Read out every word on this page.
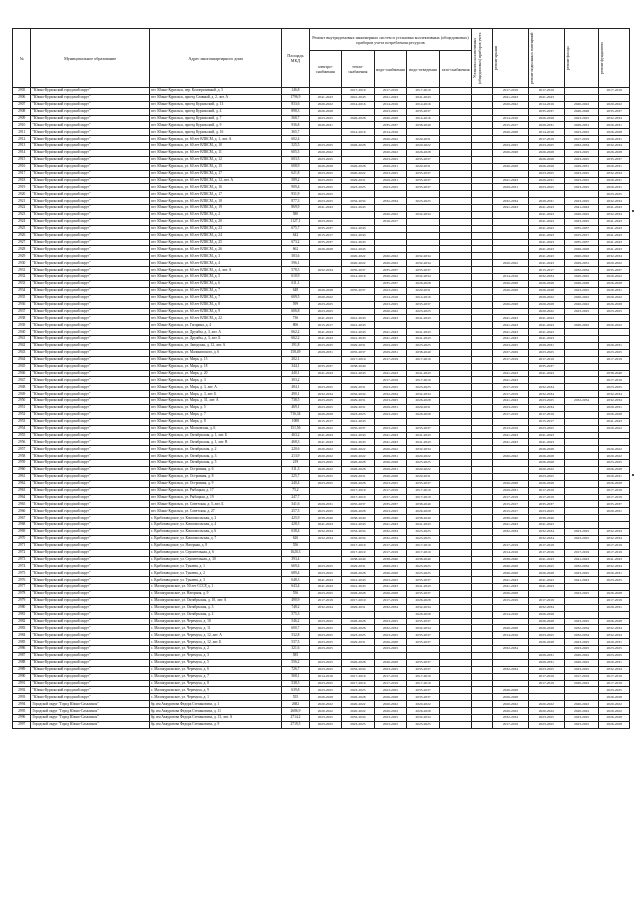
№	Муниципальное образование	Адрес многоквартирного дома	Площадь МКД	Ремонт внутридомовых инженерных систем и установка коллективных (общедомовых) приборов учета потребления ресурсов					Установка коллективных (общедомовых) приборов учета	ремонт крыши	ремонт подвальных помещений	ремонт фасада	ремонт фундамента

				электро-снабжения	тепло-снабжения	водо-снабжения	водо-отведения	газо-снабжения					
2905	"Южно-Курильский городской округ"	пгт. Южно-Курильск, пер. Кооперативный, д. 5	146,8		2017-2019	2017-2019	2017-2019			2017-2019	2017-2019		2017-2019
2906	"Южно-Курильский городской округ"	пгт. Южно-Курильск, проезд Славный, д. 2, лит. А	1796,9	2041-2043	2041-2043	2041-2043	2041-2043			2041-2043	2041-2043		
2907	"Южно-Курильский городской округ"	пгт. Южно-Курильск, проезд Курильский, д. 13	833,6	2020-2022	2014-2016	2014-2016	2014-2016			2020-2022	2014-2016	2020-2022	2020-2022
2908	"Южно-Курильский городской округ"	пгт. Южно-Курильск, проезд Курильский, д. 4	898,3	2026-2028		2023-2025	2035-2037				2035-2037	2026-2028	2035-2037
2909	"Южно-Курильский городской округ"	пгт. Южно-Курильск, проезд Курильский, д. 7	568,7	2023-2025	2026-2028	2026-2028	2014-2016			2014-2016	2026-2028	2023-2025	2032-2034
2910	"Южно-Курильский городской округ"	пгт. Южно-Курильск, проезд Курильский, д. 9	936,8	2026-2031		2035-2037	2038-2040			2015-2017	2029-2031	2029-2031	2029-2031
2911	"Южно-Курильский городской округ"	пгт. Южно-Курильск, проезд Курильский, д. 16	365,7		2014-2016	2014-2016				2026-2028	2014-2016	2023-2025	2026-2028
2912	"Южно-Курильский городской округ"	пгт. Южно-Курильск, ул. 60 лет ВЛКСМ, д. 1, лит. А	602,4			2020-2022	2029-2031				2017-2019	2017-2019	2029-2031
2913	"Южно-Курильский городской округ"	пгт. Южно-Курильск, ул. 60 лет ВЛКСМ, д. 10	525,5	2023-2025	2026-2028	2023-2025	2020-2022			2023-2025	2023-2025	2032-2034	2032-2034
2914	"Южно-Курильский городской округ"	пгт. Южно-Курильск, ул. 60 лет ВЛКСМ, д. 11	605,5	2020-2022		2020-2022	2026-2028			2026-2028	2026-2028	2023-2025	2026-2028
2915	"Южно-Курильский городской округ"	пгт. Южно-Курильск, ул. 60 лет ВЛКСМ, д. 12	603,5	2023-2025		2023-2025	2035-2037				2026-2028	2023-2025	2035-2037
2916	"Южно-Курильский городской округ"	пгт. Южно-Курильск, ул. 60 лет ВЛКСМ, д. 15	608,9	2026-2028	2026-2028	2029-2031	2029-2031			2026-2028	2026-2028	2029-2031	2029-2031
2917	"Южно-Курильский городской округ"	пгт. Южно-Курильск, ул. 60 лет ВЛКСМ, д. 17	621,8	2023-2025	2020-2022	2023-2025	2035-2037				2023-2025	2023-2025	2032-2034
2918	"Южно-Курильский городской округ"	пгт. Южно-Курильск, ул. 60 лет ВЛКСМ, д. 12, лит. А	589,2	2023-2025	2029-2031	2029-2031	2035-2037			2041-2043	2029-2031	2023-2025	2029-2031
2919	"Южно-Курильский городской округ"	пгт. Южно-Курильск, ул. 60 лет ВЛКСМ, д. 16	909,4	2023-2025	2023-2025	2023-2025	2035-2037			2029-2031	2023-2025	2023-2025	2029-2031
2920	"Южно-Курильский городской округ"	пгт. Южно-Курильск, ул. 60 лет ВЛКСМ, д. 17	931,9	2023-2025									2023-2025
2921	"Южно-Курильский городской округ"	пгт. Южно-Курильск, ул. 60 лет ВЛКСМ, д. 18	877,3	2023-2025	2032-2034	2032-2034	2023-2025			2032-2034	2029-2031	2023-2025	2032-2034
2922	"Южно-Курильский городской округ"	пгт. Южно-Курильск, ул. 60 лет ВЛКСМ, д. 19	869,9	2041-2043	2041-2043					2041-2043	2041-2043	2041-2043	2041-2043
2923	"Южно-Курильский городской округ"	пгт. Южно-Курильск, ул. 60 лет ВЛКСМ, д. 2	580			2020-2022	2032-2034				2041-2043	2020-2022	2032-2034
2924	"Южно-Курильский городской округ"	пгт. Южно-Курильск, ул. 60 лет ВЛКСМ, д. 20	1127,1	2023-2025		2016-2017					2041-2043	2023-2025	2041-2043
2925	"Южно-Курильский городской округ"	пгт. Южно-Курильск, ул. 60 лет ВЛКСМ, д. 23	675,7	2035-2037	2041-2043						2041-2043	2035-2037	2041-2043
2926	"Южно-Курильский городской округ"	пгт. Южно-Курильск, ул. 60 лет ВЛКСМ, д. 24	642	2015-2017	2041-2043						2041-2043	2015-2017	2041-2043
2927	"Южно-Курильский городской округ"	пгт. Южно-Курильск, ул. 60 лет ВЛКСМ, д. 25	673,2	2035-2037	2041-2043						2041-2043	2035-2037	2041-2043
2928	"Южно-Курильский городской округ"	пгт. Южно-Курильск, ул. 60 лет ВЛКСМ, д. 26	662	2026-2028	2041-2043						2041-2043	2026-2028	2041-2043
2929	"Южно-Курильский городской округ"	пгт. Южно-Курильск, ул. 60 лет ВЛКСМ, д. 3	583,6		2020-2022	2020-2022	2032-2034				2041-2043	2020-2022	2032-2034
2930	"Южно-Курильский городской округ"	пгт. Южно-Курильск, ул. 60 лет ВЛКСМ, д. 4	596,1		2020-2022	2020-2022	2032-2034			2020-2022	2041-2043	2029-2031	2020-2022
2931	"Южно-Курильский городской округ"	пгт. Южно-Курильск, ул. 60 лет ВЛКСМ, д. 4, лит. А	578,5	2032-2034	2035-2037	2035-2037	2035-2037				2015-2017	2032-2034	2035-2037
2932	"Южно-Курильский городской округ"	пгт. Южно-Курильск, ул. 60 лет ВЛКСМ, д. 5	610,9		2014-2016	2020-2022	2032-2034			2014-2016	2032-2034	2020-2022	2020-2022
2933	"Южно-Курильский городской округ"	пгт. Южно-Курильск, ул. 60 лет ВЛКСМ, д. 6	611,1			2035-2037	2026-2028			2026-2028	2026-2028	2026-2028	2026-2028
2934	"Южно-Курильский городской округ"	пгт. Южно-Курильск, ул. 60 лет ВЛКСМ, д. 7	648	2026-2028	2035-2037	2023-2025	2029-2031			2026-2028	2026-2028	2023-2025	2029-2031
2935	"Южно-Курильский городской округ"	пгт. Южно-Курильск, ул. 60 лет ВЛКСМ, д. 7	609,5	2020-2022		2014-2016	2014-2016				2020-2022	2020-2022	2020-2022
2936	"Южно-Курильский городской округ"	пгт. Южно-Курильск, ул. 60 лет ВЛКСМ, д. 8	599	2023-2025		2023-2025	2035-2037			2026-2028	2026-2028	2020-2022	2026-2028
2937	"Южно-Курильский городской округ"	пгт. Южно-Курильск, ул. 60 лет ВЛКСМ, д. 9	606,8	2023-2025		2020-2022	2023-2025				2020-2022	2023-2025	2023-2025
2938	"Южно-Курильский городской округ"	пгт. Южно-Курильск, ул. 60 лет ВЛКСМ, д. 22	736	2041-2043	2041-2043	2041-2043	2041-2043			2041-2043	2041-2043		
2939	"Южно-Курильский городской округ"	пгт. Южно-Курильск, ул. Гагарина, д. 4	806	2015-2017	2041-2043					2041-2043	2041-2043	2020-2022	2020-2022
2940	"Южно-Курильский городской округ"	пгт. Южно-Курильск, ул. Дружбы, д. 3, лит. А	662,2	2041-2043	2041-2043	2041-2043	2041-2043			2041-2043	2041-2043		
2941	"Южно-Курильский городской округ"	пгт. Южно-Курильск, ул. Дружбы, д. 3, лит. Б	662,2	2041-2043	2041-2043	2041-2043	2041-2043			2041-2043	2041-2043		
2942	"Южно-Курильский городской округ"	пгт. Южно-Курильск, ул. Заводская, д. 12, лит. А	191,8	2023-2025	2029-2031	2023-2025	2023-2025			2023-2025	2029-2031		2029-2031
2943	"Южно-Курильский городской округ"	пгт. Южно-Курильск, ул. Малиновского, д. 6	158,49	2029-2031	2035-2037	2029-2031	2038-2040			2027-2029	2023-2025		2023-2025
2944	"Южно-Курильский городской округ"	пгт. Южно-Курильск, ул. Мира, д. 15	202,1		2017-2019	2017-2019	2017-2019			2017-2019	2017-2019		2017-2019
2945	"Южно-Курильский городской округ"	пгт. Южно-Курильск, ул. Мира, д. 18	344,1	2035-2037	2038-2040						2035-2037		
2946	"Южно-Курильский городской округ"	пгт. Южно-Курильск, ул. Мира, д. 20	440,1	2041-2043	2041-2043	2041-2043	2041-2043			2041-2043	2041-2043		2038-2040
2947	"Южно-Курильский городской округ"	пгт. Южно-Курильск, ул. Мира, д. 3	303,2			2017-2019	2017-2019			2041-2043			2017-2019
2948	"Южно-Курильский городской округ"	пгт. Южно-Курильск, ул. Мира, д. 3, лит. А	484,1	2023-2025	2029-2031	2023-2025	2023-2025			2017-2019	2032-2034		2023-2025
2949	"Южно-Курильский городской округ"	пгт. Южно-Курильск, ул. Мира, д. 3, лит. Б	490,1	2032-2034	2032-2034	2032-2034	2032-2034			2017-2019	2032-2034		2032-2034
2950	"Южно-Курильский городской округ"	пгт. Южно-Курильск, ул. Мира, д. 31, лит. А	738,5	2023-2025	2029-2031	2023-2025	2026-2028			2041-2043	2023-2025	2032-2034	2032-2034
2951	"Южно-Курильский городской округ"	пгт. Южно-Курильск, ул. Мира, д. 5	469,1	2023-2025	2029-2031	2029-2031	2029-2031			2023-2025	2032-2034		2029-2031
2952	"Южно-Курильский городской округ"	пгт. Южно-Курильск, ул. Мира, д. 7	716,34	2026-2028	2023-2025	2023-2025	2026-2028			2017-2019	2017-2019		2026-2028
2953	"Южно-Курильский городской округ"	пгт. Южно-Курильск, ул. Мира, д. 8	1008	2015-2017	2041-2043						2015-2017		2041-2043
2954	"Южно-Курильский городской округ"	пгт. Южно-Курильск, ул. Московская, д. 6	151,56	2020-2022	2035-2037	2023-2025	2035-2037			2013-2019	2023-2025		2020-2022
2955	"Южно-Курильский городской округ"	пгт. Южно-Курильск, ул. Октябрьская, д. 1, лит. Б	463,2	2041-2043	2041-2043	2041-2043	2041-2043			2041-2043	2041-2043		
2956	"Южно-Курильский городской округ"	пгт. Южно-Курильск, ул. Октябрьская, д. 1, лит. В	468,3	2041-2043	2041-2043	2041-2043	2041-2043			2041-2043	2041-2043		
2957	"Южно-Курильский городской округ"	пгт. Южно-Курильск, ул. Октябрьская, д. 2	220,6	2020-2022	2020-2022	2020-2022	2032-2034				2026-2028		2020-2022
2958	"Южно-Курильский городской округ"	пгт. Южно-Курильск, ул. Октябрьская, д. 3	213,9	2020-2022	2020-2022	2029-2031	2020-2022			2020-2022	2026-2028		2020-2022
2959	"Южно-Курильский городской округ"	пгт. Южно-Курильск, ул. Октябрьская, д. 5	219	2023-2025	2026-2028	2026-2028	2023-2025				2026-2028		2023-2025
2960	"Южно-Курильский городской округ"	пгт. Южно-Курильск, ул. Островная, д. 6	311,3	2020-2022	2026-2028	2029-2031	2020-2022				2020-2022		2026-2028
2961	"Южно-Курильский городской округ"	пгт. Южно-Курильск, ул. Островная, д. 8	225,7	2023-2025	2029-2031	2026-2028	2029-2031				2023-2025		2029-2031
2962	"Южно-Курильский городской округ"	пгт. Южно-Курильск, ул. Островная, д. 9	240,4	2023-2025	2026-2028	2023-2025	2035-2037			2026-2028	2026-2028		2026-2028
2963	"Южно-Курильский городской округ"	пгт. Южно-Курильск, ул. Рыбацкая, д. 17	75,2		2017-2019	2017-2019	2017-2019			2029-2031	2017-2019		2017-2019
2964	"Южно-Курильский городской округ"	пгт. Южно-Курильск, ул. Рыбацкая, д. 19	247,7		2017-2019	2017-2019	2017-2019			2017-2019	2017-2019		2017-2019
2965	"Южно-Курильский городской округ"	пгт. Южно-Курильск, ул. Советская, д. 5, лит. Б	341,6	2029-2031	2035-2037	2035-2037	2038-2040			2015-2017	2035-2037		2035-2037
2966	"Южно-Курильский городской округ"	пгт. Южно-Курильск, ул. Советская, д. 27	257,5	2023-2025	2026-2028	2023-2025	2026-2028			2015-2017	2023-2025		2029-2031
2967	"Южно-Курильский городской округ"	с. Крабозаводское, ул. Комсомольская, д. 3	425,9	2038-2040	2038-2040	2038-2040	2038-2040			2038-2040	2038-2040		
2968	"Южно-Курильский городской округ"	с. Крабозаводское, ул. Комсомольская, д. 4	428,5	2041-2043	2041-2043	2041-2043	2041-2043			2041-2043	2041-2043		
2969	"Южно-Курильский городской округ"	с. Крабозаводское, ул. Комсомольская, д. 6	638,4	2032-2034	2032-2034	2032-2034	2023-2025			2032-2034	2032-2034	2023-2025	2032-2034
2970	"Южно-Курильский городской округ"	с. Крабозаводское, ул. Комсомольская, д. 7	626	2032-2034	2032-2034	2032-2034	2023-2025				2032-2034	2023-2025	2032-2034
2971	"Южно-Курильский городской округ"	с. Крабозаводское, ул. Нагорная, д. 8	556		2017-2019	2017-2019	2017-2019			2017-2019	2017-2019		2017-2019
2972	"Южно-Курильский городской округ"	с. Крабозаводское, ул. Строительная, д. 6	1620,3		2017-2019	2017-2019	2017-2019			2014-2016	2017-2019	2017-2019	2017-2019
2973	"Южно-Курильский городской округ"	с. Крабозаводское, ул. Строительная, д. 30	393,4		2038-2040	2038-2040	2038-2040			2038-2040	2041-2043	2041-2043	2041-2043
2974	"Южно-Курильский городской округ"	с. Крабозаводское, ул. Тунаева, д. 1	669,4	2023-2025	2029-2031	2029-2031	2023-2025			2026-2028	2023-2025	2032-2034	2032-2034
2975	"Южно-Курильский городской округ"	с. Крабозаводское, ул. Тунаева, д. 2	689,4	2023-2025	2026-2028	2026-2028	2023-2025			2026-2028	2026-2028	2023-2025	2029-2031
2976	"Южно-Курильский городской округ"	с. Крабозаводское, ул. Тунаева, д. 3	648,3	2041-2043	2041-2043	2023-2025	2035-2037			2041-2043	2041-2043	2041-2043	2023-2025
2977	"Южно-Курильский городской округ"	с. Малокурильское, ул. 50 лет СССР, д. 1	643,4	2041-2043	2041-2043	2041-2043	2041-2043			2041-2043	2041-2043		
2978	"Южно-Курильский городской округ"	с. Малокурильское, ул. Нагорная, д. 9	556	2023-2025	2026-2028	2026-2028	2035-2037			2026-2028		2023-2025	2026-2028
2979	"Южно-Курильский городской округ"	с. Малокурильское, ул. Октябрьская, д. 10, лит. А	490,9	2017-2019	2017-2019	2017-2019	2026-2028			2015-2019	2017-2019		2017-2019
2980	"Южно-Курильский городской округ"	с. Малокурильское, ул. Октябрьская, д. 3	748,2	2032-2034	2029-2031	2032-2034	2032-2034				2032-2034		2029-2031
2981	"Южно-Курильский городской округ"	с. Малокурильское, ул. Октябрьская, д. 2	575,3				2026-2028			2014-2016	2026-2028		
2982	"Южно-Курильский городской округ"	с. Малокурильское, ул. Черемуха, д. 10	546,2	2023-2025	2026-2028	2023-2025	2035-2037				2026-2028	2023-2025	2026-2028
2983	"Южно-Курильский городской округ"	с. Малокурильское, ул. Черемуха, д. 11	600,7	2023-2025	2026-2028	2032-2034	2032-2034			2026-2028	2026-2028	2032-2034	2032-2034
2984	"Южно-Курильский городской округ"	с. Малокурильское, ул. Черемуха, д. 12, лит. А	532,8	2023-2025	2023-2025	2023-2025	2035-2037			2014-2016	2023-2025	2032-2034	2032-2034
2985	"Южно-Курильский городской округ"	с. Малокурильское, ул. Черемуха, д. 12, лит. Б	537,5	2023-2025	2029-2031	2026-2028	2035-2037				2026-2028	2023-2025	2029-2031
2986	"Южно-Курильский городской округ"	с. Малокурильское, ул. Черемуха, д. 2	321,6	2023-2025		2023-2025				2032-2034		2023-2025	2023-2025
2987	"Южно-Курильский городской округ"	с. Малокурильское, ул. Черемуха, д. 3	585								2029-2031	2020-2022	2023-2025
2988	"Южно-Курильский городской округ"	с. Малокурильское, ул. Черемуха, д. 5	556,2	2023-2025	2026-2028	2026-2028	2035-2037				2029-2031	2020-2022	2029-2031
2989	"Южно-Курильский городской округ"	с. Малокурильское, ул. Черемуха, д. 6	726,7	2023-2025	2032-2034	2023-2025	2035-2037			2032-2034	2023-2025	2023-2025	2032-2034
2990	"Южно-Курильский городской округ"	с. Малокурильское, ул. Черемуха, д. 7	568,1	2014-2016	2017-2019	2017-2019	2017-2019				2017-2019	2017-2019	2017-2019
2991	"Южно-Курильский городской округ"	с. Малокурильское, ул. Черемуха, д. 8	538,5	2023-2025	2017-2019	2017-2019	2017-2019				2017-2019	2020-2022	2017-2019
2992	"Южно-Курильский городской округ"	с. Малокурильское, ул. Черемуха, д. 9	639,8	2023-2025	2023-2025	2023-2025	2035-2037			2026-2028			2023-2025
2993	"Южно-Курильский городской округ"	с. Малокурильское, ул. Черемуха, д. 1	555	2026-2028	2026-2028	2026-2028	2035-2037			2026-2028			2026-2028
2994	Городской округ "Город Южно-Сахалинск"	бр. им Аккуратова Федора Степановича, д. 1	2682	2020-2022	2020-2022	2020-2022	2020-2022			2020-2022	2020-2022	2020-2022	2020-2022
2995	Городской округ "Город Южно-Сахалинск"	бр. им Аккуратова Федора Степановича, д. 11	2686,9	2020-2022	2020-2022	2020-2022	2026-2028			2020-2022	2020-2022	2020-2022	2020-2022
2996	Городской округ "Город Южно-Сахалинск"	бр. им Аккуратова Федора Степановича, д. 13, лит. А	2714,2	2023-2025	2032-2034	2023-2025	2032-2034			2032-2034	2023-2025	2023-2025	2026-2028
2997	Городской округ "Город Южно-Сахалинск"	бр. им Аккуратова Федора Степановича, д. 9	2719,5	2023-2025	2023-2025	2023-2025	2023-2025			2017-2019	2023-2025	2023-2025	2026-2028
